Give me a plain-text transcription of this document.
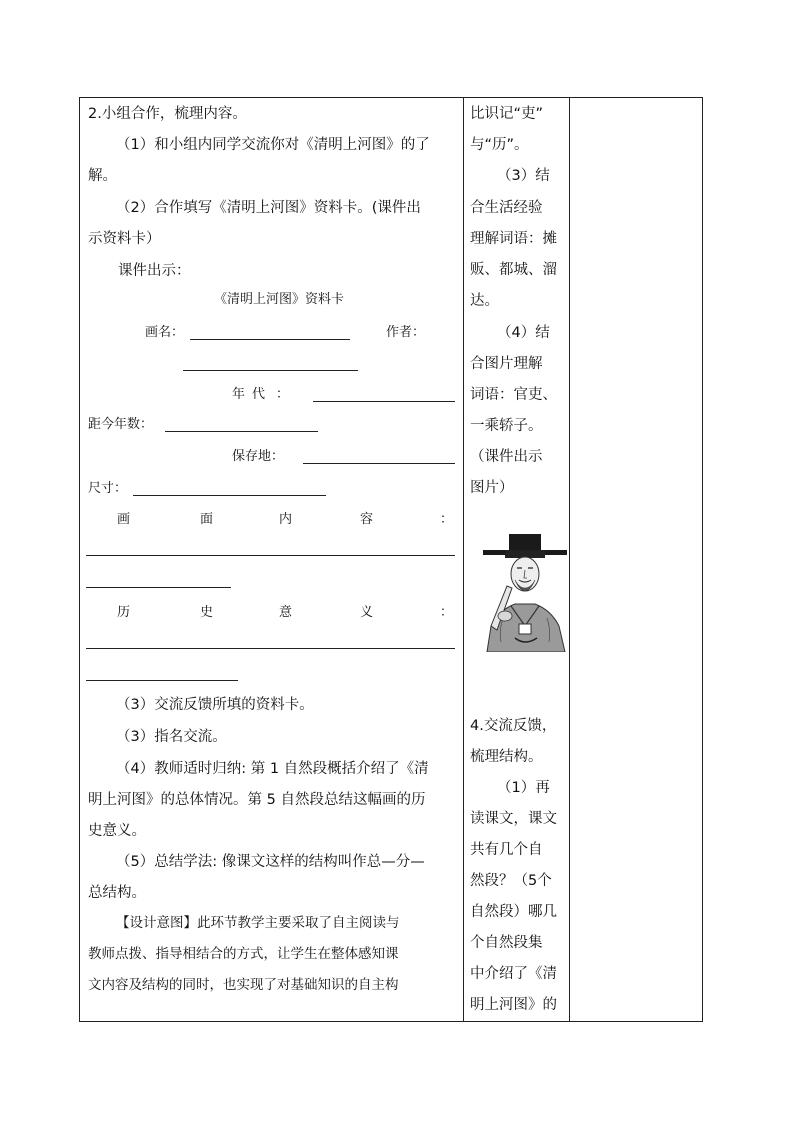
2.小组合作，梳理内容。
（1）和小组内同学交流你对《清明上河图》的了
解。
（2）合作填写《清明上河图》资料卡。(课件出
示资料卡）
课件出示：
《清明上河图》资料卡
画名：	作者：
年 代 ：
距今年数：
保存地：
尺寸：
画	面	内	容	：
历	史	意	义	：
（3）交流反馈所填的资料卡。
（3）指名交流。
（4）教师适时归纳: 第 1 自然段概括介绍了《清
明上河图》的总体情况。第 5 自然段总结这幅画的历
史意义。
（5）总结学法: 像课文这样的结构叫作总—分—
总结构。
【设计意图】此环节教学主要采取了自主阅读与
教师点拨、指导相结合的方式，让学生在整体感知课
文内容及结构的同时，也实现了对基础知识的自主构
比识记“吏”
与“历”。
（3）结
合生活经验
理解词语：摊
贩、都城、溜
达。
（4）结
合图片理解
词语：官吏、
一乘轿子。
（课件出示
图片）
4.交流反馈，
梳理结构。
（1）再
读课文，课文
共有几个自
然段？（5个
自然段）哪几
个自然段集
中介绍了《清
明上河图》的
